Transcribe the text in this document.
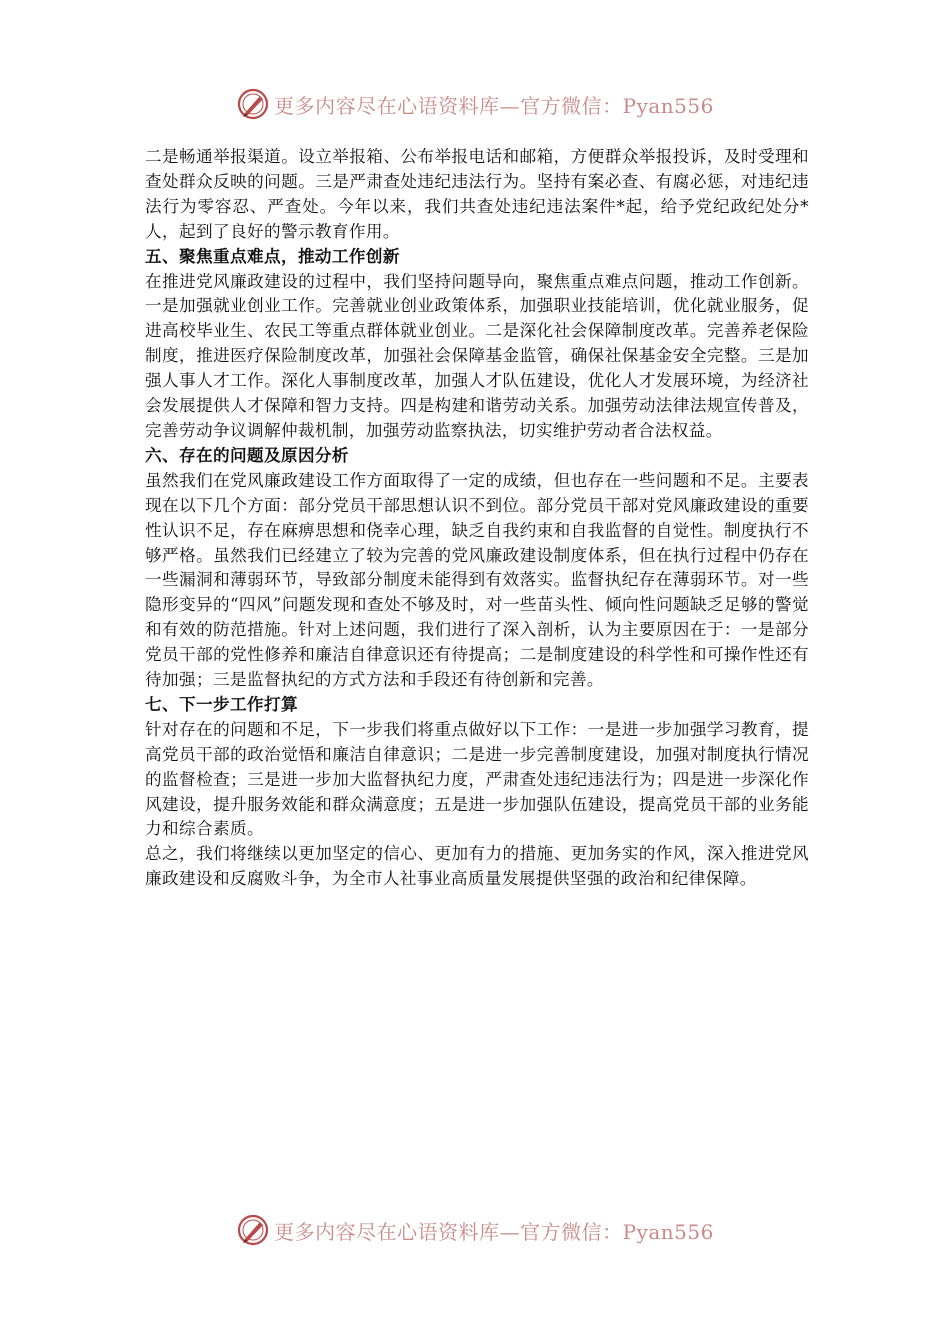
更多内容尽在心语资料库—官方微信：Pyan556

二是畅通举报渠道。设立举报箱、公布举报电话和邮箱，方便群众举报投诉，及时受理和查处群众反映的问题。三是严肃查处违纪违法行为。坚持有案必查、有腐必惩，对违纪违法行为零容忍、严查处。今年以来，我们共查处违纪违法案件*起，给予党纪政纪处分*人，起到了良好的警示教育作用。

五、聚焦重点难点，推动工作创新

在推进党风廉政建设的过程中，我们坚持问题导向，聚焦重点难点问题，推动工作创新。一是加强就业创业工作。完善就业创业政策体系，加强职业技能培训，优化就业服务，促进高校毕业生、农民工等重点群体就业创业。二是深化社会保障制度改革。完善养老保险制度，推进医疗保险制度改革，加强社会保障基金监管，确保社保基金安全完整。三是加强人事人才工作。深化人事制度改革，加强人才队伍建设，优化人才发展环境，为经济社会发展提供人才保障和智力支持。四是构建和谐劳动关系。加强劳动法律法规宣传普及，完善劳动争议调解仲裁机制，加强劳动监察执法，切实维护劳动者合法权益。

六、存在的问题及原因分析

虽然我们在党风廉政建设工作方面取得了一定的成绩，但也存在一些问题和不足。主要表现在以下几个方面：部分党员干部思想认识不到位。部分党员干部对党风廉政建设的重要性认识不足，存在麻痹思想和侥幸心理，缺乏自我约束和自我监督的自觉性。制度执行不够严格。虽然我们已经建立了较为完善的党风廉政建设制度体系，但在执行过程中仍存在一些漏洞和薄弱环节，导致部分制度未能得到有效落实。监督执纪存在薄弱环节。对一些隐形变异的“四风”问题发现和查处不够及时，对一些苗头性、倾向性问题缺乏足够的警觉和有效的防范措施。针对上述问题，我们进行了深入剖析，认为主要原因在于：一是部分党员干部的党性修养和廉洁自律意识还有待提高；二是制度建设的科学性和可操作性还有待加强；三是监督执纪的方式方法和手段还有待创新和完善。

七、下一步工作打算

针对存在的问题和不足，下一步我们将重点做好以下工作：一是进一步加强学习教育，提高党员干部的政治觉悟和廉洁自律意识；二是进一步完善制度建设，加强对制度执行情况的监督检查；三是进一步加大监督执纪力度，严肃查处违纪违法行为；四是进一步深化作风建设，提升服务效能和群众满意度；五是进一步加强队伍建设，提高党员干部的业务能力和综合素质。

总之，我们将继续以更加坚定的信心、更加有力的措施、更加务实的作风，深入推进党风廉政建设和反腐败斗争，为全市人社事业高质量发展提供坚强的政治和纪律保障。

更多内容尽在心语资料库—官方微信：Pyan556
